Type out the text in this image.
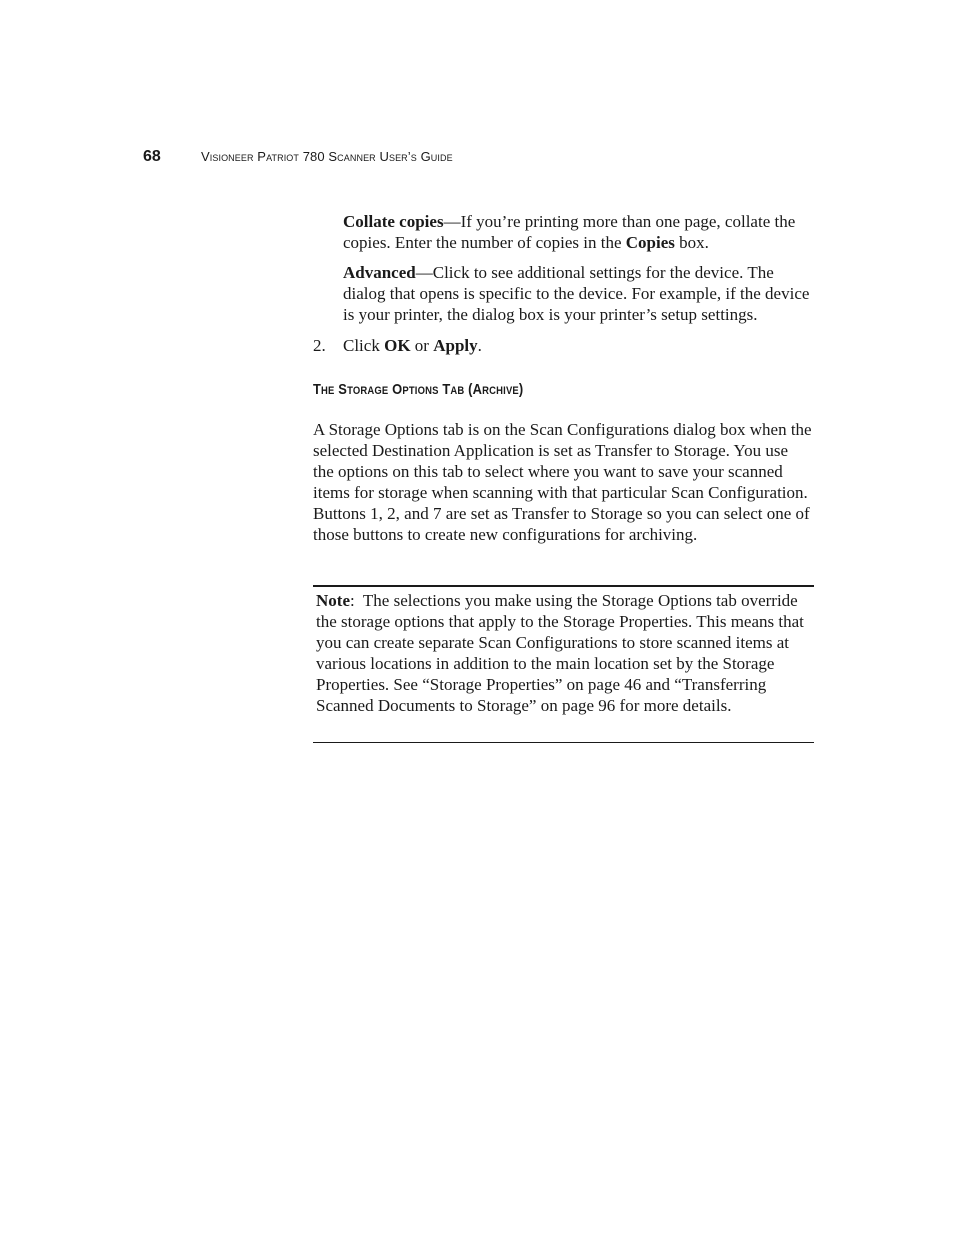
68	Visioneer Patriot 780 Scanner User’s Guide

Collate copies—If you’re printing more than one page, collate the copies. Enter the number of copies in the Copies box.

Advanced—Click to see additional settings for the device. The dialog that opens is specific to the device. For example, if the device is your printer, the dialog box is your printer’s setup settings.

2. Click OK or Apply.

The Storage Options Tab (Archive)

A Storage Options tab is on the Scan Configurations dialog box when the selected Destination Application is set as Transfer to Storage. You use the options on this tab to select where you want to save your scanned items for storage when scanning with that particular Scan Configuration. Buttons 1, 2, and 7 are set as Transfer to Storage so you can select one of those buttons to create new configurations for archiving.

Note:  The selections you make using the Storage Options tab override the storage options that apply to the Storage Properties. This means that you can create separate Scan Configurations to store scanned items at various locations in addition to the main location set by the Storage Properties. See “Storage Properties” on page 46 and “Transferring Scanned Documents to Storage” on page 96 for more details.
